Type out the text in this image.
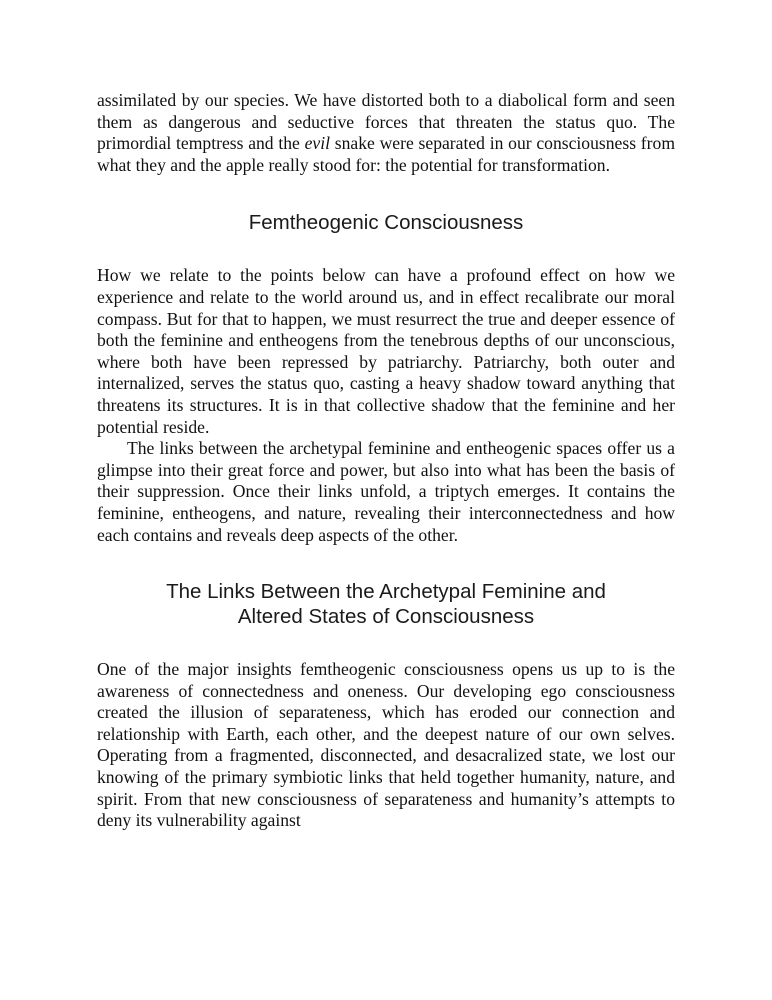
assimilated by our species. We have distorted both to a diabolical form and seen them as dangerous and seductive forces that threaten the status quo. The primordial temptress and the evil snake were separated in our consciousness from what they and the apple really stood for: the potential for transformation.

Femtheogenic Consciousness

How we relate to the points below can have a profound effect on how we experience and relate to the world around us, and in effect recalibrate our moral compass. But for that to happen, we must resurrect the true and deeper essence of both the feminine and entheogens from the tenebrous depths of our unconscious, where both have been repressed by patriarchy. Patriarchy, both outer and internalized, serves the status quo, casting a heavy shadow toward anything that threatens its structures. It is in that collective shadow that the feminine and her potential reside.

The links between the archetypal feminine and entheogenic spaces offer us a glimpse into their great force and power, but also into what has been the basis of their suppression. Once their links unfold, a triptych emerges. It contains the feminine, entheogens, and nature, revealing their interconnectedness and how each contains and reveals deep aspects of the other.

The Links Between the Archetypal Feminine and
Altered States of Consciousness

One of the major insights femtheogenic consciousness opens us up to is the awareness of connectedness and oneness. Our developing ego consciousness created the illusion of separateness, which has eroded our connection and relationship with Earth, each other, and the deepest nature of our own selves. Operating from a fragmented, disconnected, and desacralized state, we lost our knowing of the primary symbiotic links that held together humanity, nature, and spirit. From that new consciousness of separateness and humanity’s attempts to deny its vulnerability against
